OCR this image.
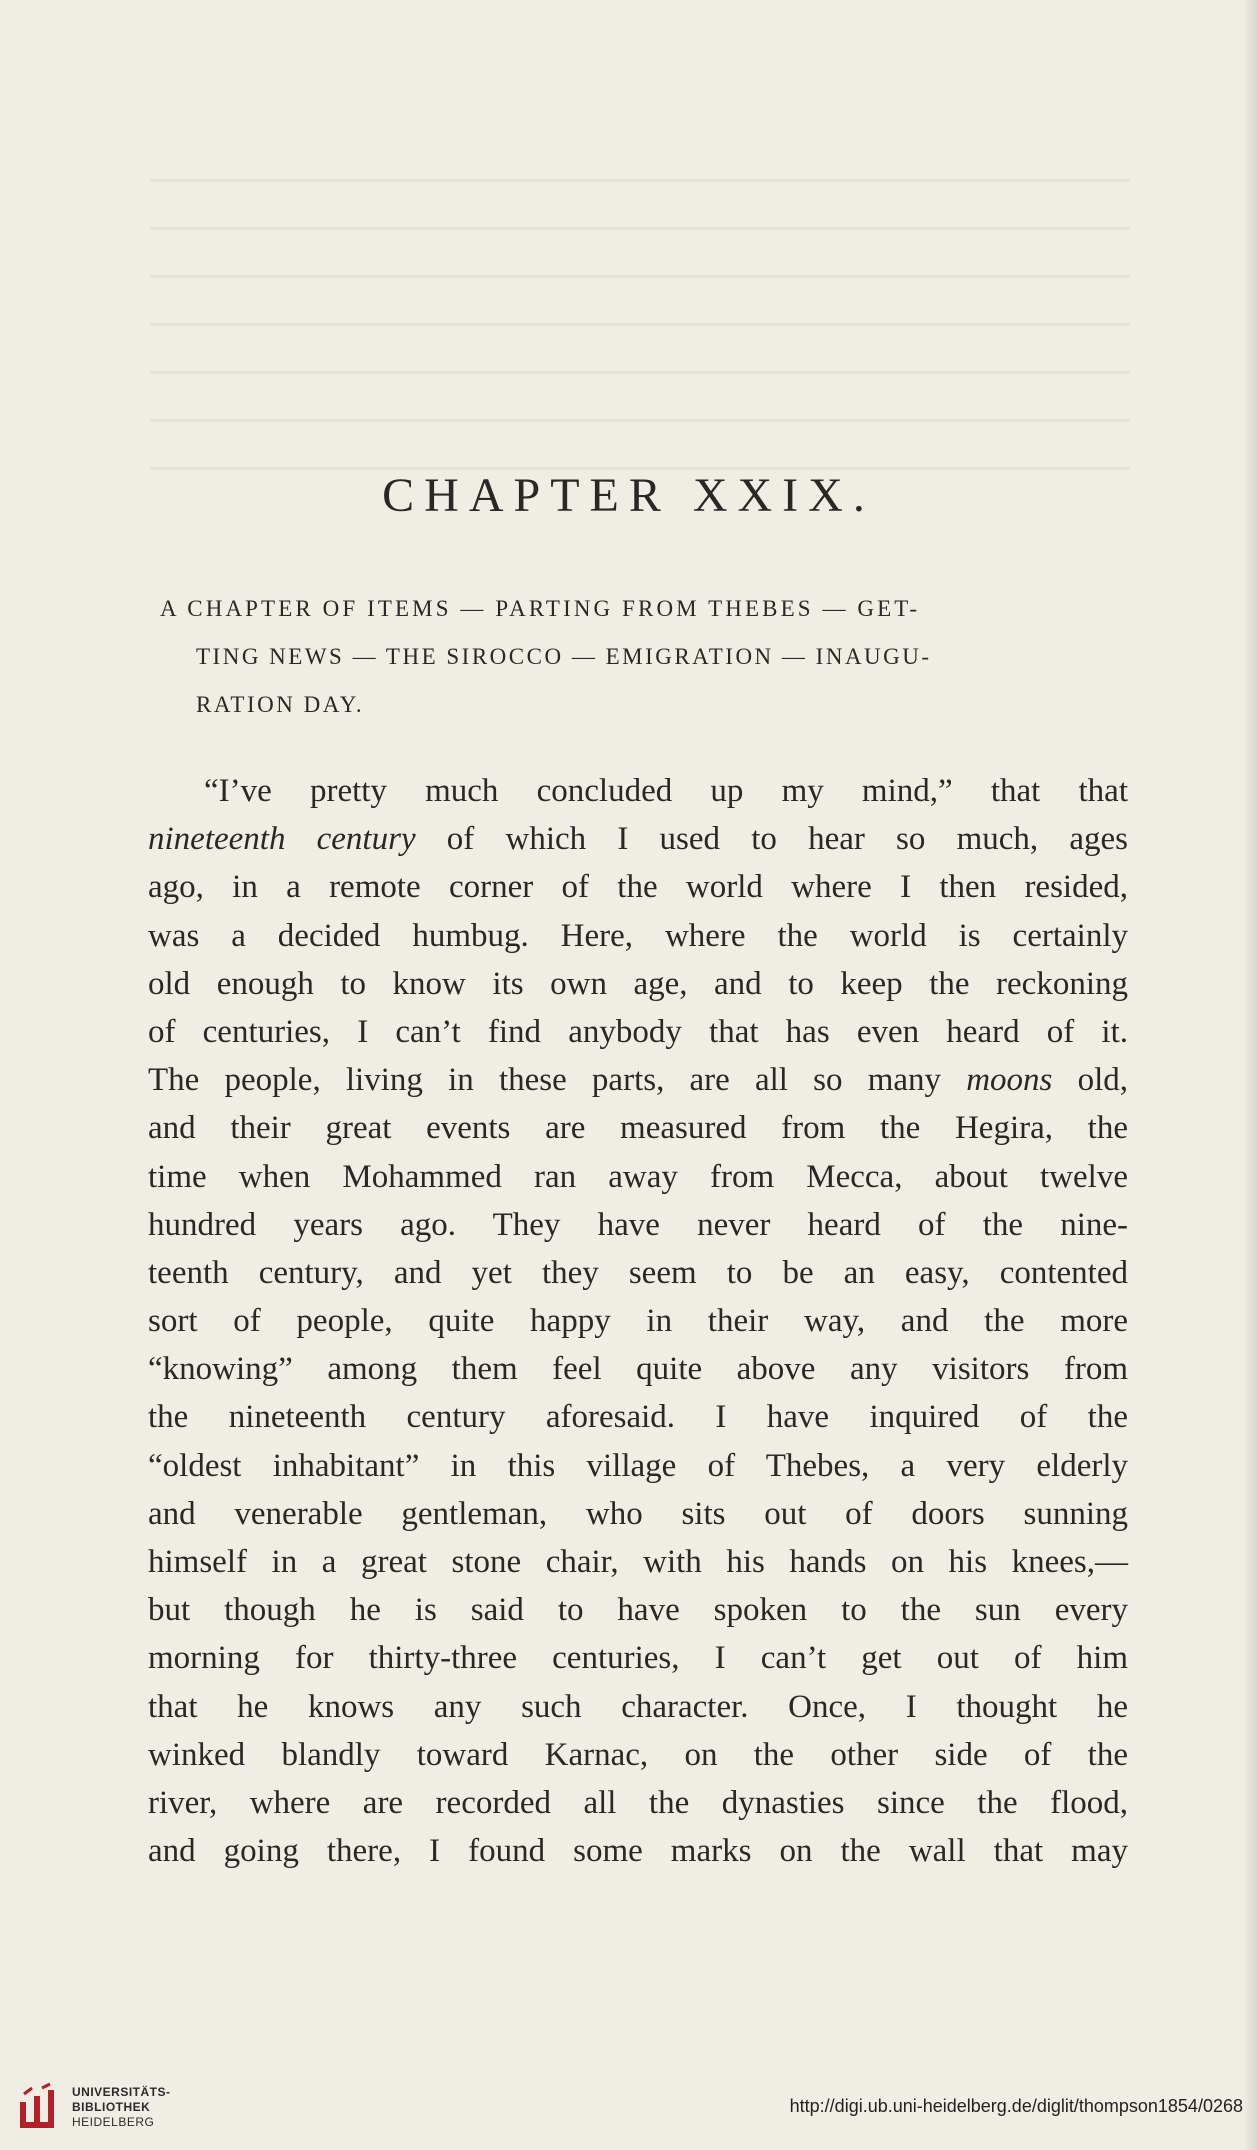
CHAPTER XXIX.
A CHAPTER OF ITEMS — PARTING FROM THEBES — GET-
TING NEWS — THE SIROCCO — EMIGRATION — INAUGU-
RATION DAY.
“I’ve pretty much concluded up my mind,” that that
nineteenth century of which I used to hear so much, ages
ago, in a remote corner of the world where I then resided,
was a decided humbug. Here, where the world is certainly
old enough to know its own age, and to keep the reckoning
of centuries, I can’t find anybody that has even heard of it.
The people, living in these parts, are all so many moons old,
and their great events are measured from the Hegira, the
time when Mohammed ran away from Mecca, about twelve
hundred years ago. They have never heard of the nine-
teenth century, and yet they seem to be an easy, contented
sort of people, quite happy in their way, and the more
“knowing” among them feel quite above any visitors from
the nineteenth century aforesaid. I have inquired of the
“oldest inhabitant” in this village of Thebes, a very elderly
and venerable gentleman, who sits out of doors sunning
himself in a great stone chair, with his hands on his knees,—
but though he is said to have spoken to the sun every
morning for thirty-three centuries, I can’t get out of him
that he knows any such character. Once, I thought he
winked blandly toward Karnac, on the other side of the
river, where are recorded all the dynasties since the flood,
and going there, I found some marks on the wall that may
UNIVERSITÄTS-
BIBLIOTHEK
HEIDELBERG
http://digi.ub.uni-heidelberg.de/diglit/thompson1854/0268
